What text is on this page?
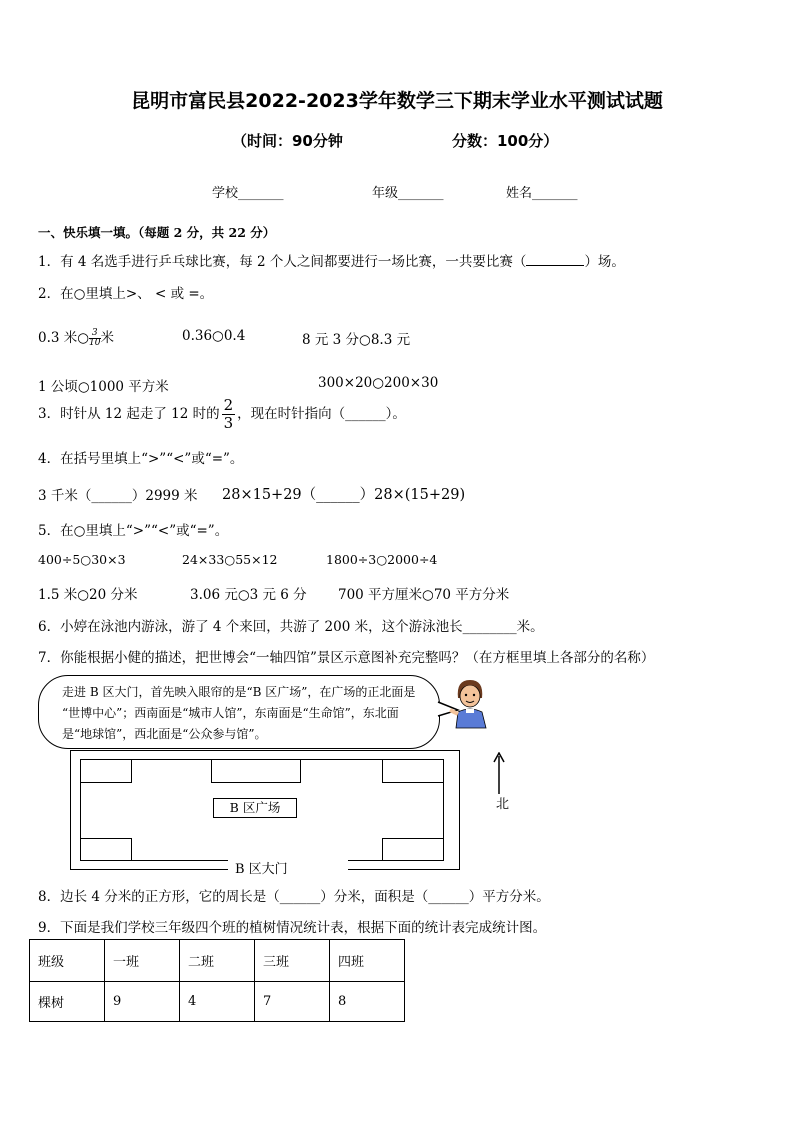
昆明市富民县2022-2023学年数学三下期末学业水平测试试题
（时间：90分钟	分数：100分）
学校_______	年级_______	姓名_______
一、快乐填一填。（每题 2 分，共 22 分）
1．有 4 名选手进行乒乓球比赛，每 2 个人之间都要进行一场比赛，一共要比赛（	）场。
2．在○里填上>、 < 或 =。
0.3 米○ $\frac{3}{10}$ 米	0.36○0.4	8 元 3 分○8.3 元
1 公顷○1000 平方米	300×20○200×30
3．时针从 12 起走了 12 时的 $\frac{2}{3}$ ，现在时针指向（______）。
4．在括号里填上“>”“<”或“=”。
3 千米（______）2999 米 28×15+29（______）28×(15+29)
5．在○里填上“>”“<”或“=”。
400÷5○30×3	24×33○55×12	1800÷3○2000÷4
1.5 米○20 分米	3.06 元○3 元 6 分 700 平方厘米○70 平方分米
6．小婷在泳池内游泳，游了 4 个来回，共游了 200 米，这个游泳池长________米。
7．你能根据小健的描述，把世博会“一轴四馆”景区示意图补充完整吗？（在方框里填上各部分的名称）
走进 B 区大门，首先映入眼帘的是“B 区广场”，在广场的正北面是
“世博中心”；西南面是“城市人馆”，东南面是“生命馆”，东北面
是“地球馆”，西北面是“公众参与馆”。
B 区广场
B 区大门
北
8．边长 4 分米的正方形，它的周长是（______）分米，面积是（______）平方分米。
9．下面是我们学校三年级四个班的植树情况统计表，根据下面的统计表完成统计图。
班级	一班	二班	三班	四班
棵树	9	4	7	8
